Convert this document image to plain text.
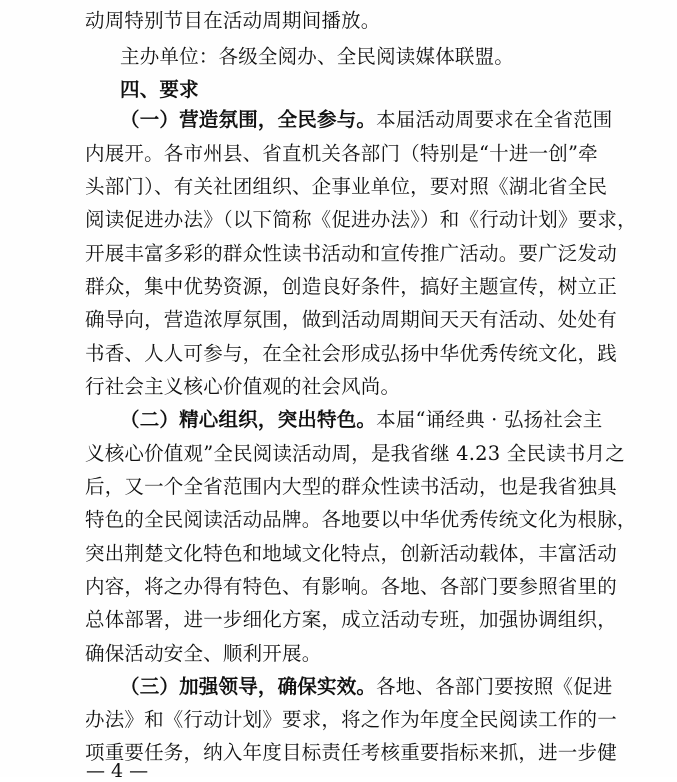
动周特别节目在活动周期间播放。
主办单位：各级全阅办、全民阅读媒体联盟。
四、要求
（一）营造氛围，全民参与。本届活动周要求在全省范围
内展开。各市州县、省直机关各部门（特别是“十进一创”牵
头部门）、有关社团组织、企事业单位，要对照《湖北省全民
阅读促进办法》（以下简称《促进办法》）和《行动计划》要求，
开展丰富多彩的群众性读书活动和宣传推广活动。要广泛发动
群众，集中优势资源，创造良好条件，搞好主题宣传，树立正
确导向，营造浓厚氛围，做到活动周期间天天有活动、处处有
书香、人人可参与，在全社会形成弘扬中华优秀传统文化，践
行社会主义核心价值观的社会风尚。
（二）精心组织，突出特色。本届“诵经典 · 弘扬社会主
义核心价值观”全民阅读活动周，是我省继 4.23 全民读书月之
后，又一个全省范围内大型的群众性读书活动，也是我省独具
特色的全民阅读活动品牌。各地要以中华优秀传统文化为根脉，
突出荆楚文化特色和地域文化特点，创新活动载体，丰富活动
内容，将之办得有特色、有影响。各地、各部门要参照省里的
总体部署，进一步细化方案，成立活动专班，加强协调组织，
确保活动安全、顺利开展。
（三）加强领导，确保实效。各地、各部门要按照《促进
办法》和《行动计划》要求，将之作为年度全民阅读工作的一
项重要任务，纳入年度目标责任考核重要指标来抓，进一步健
— 4 —
